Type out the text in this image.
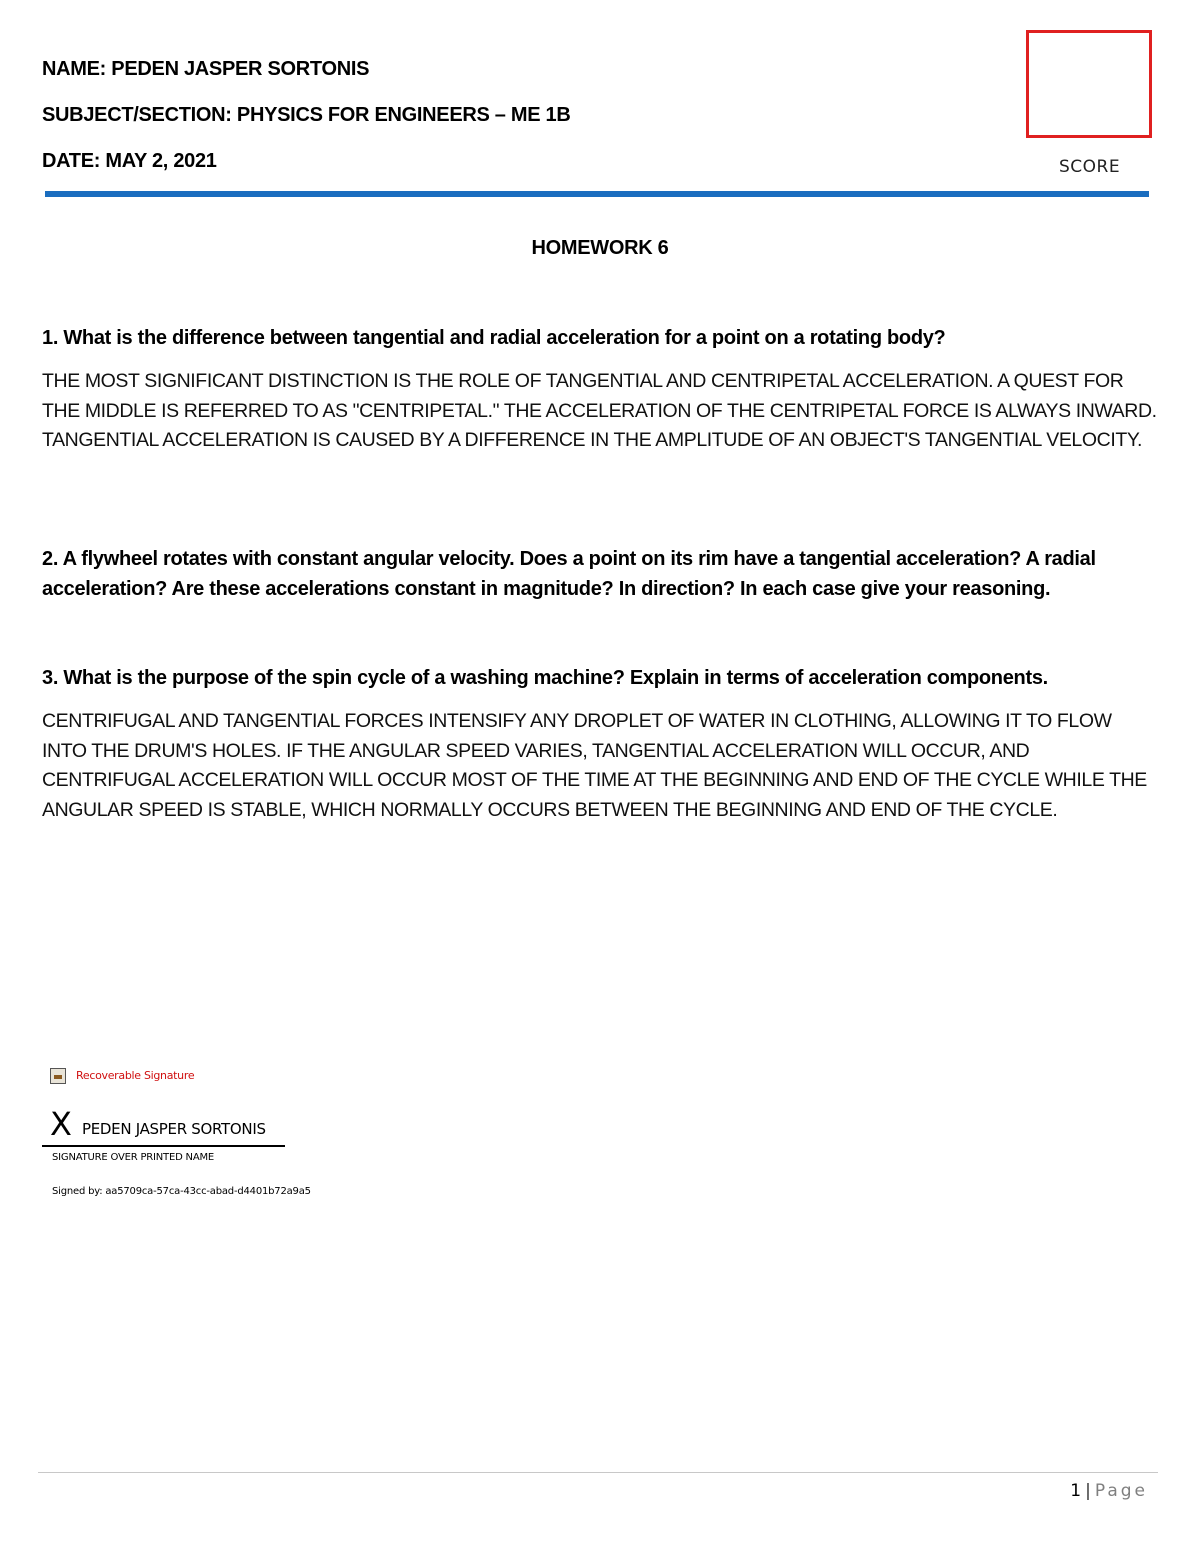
NAME: PEDEN JASPER SORTONIS
SUBJECT/SECTION: PHYSICS FOR ENGINEERS – ME 1B
DATE: MAY 2, 2021	SCORE
HOMEWORK 6
1. What is the difference between tangential and radial acceleration for a point on a rotating body?
THE MOST SIGNIFICANT DISTINCTION IS THE ROLE OF TANGENTIAL AND CENTRIPETAL ACCELERATION. A QUEST FOR THE MIDDLE IS REFERRED TO AS "CENTRIPETAL." THE ACCELERATION OF THE CENTRIPETAL FORCE IS ALWAYS INWARD. TANGENTIAL ACCELERATION IS CAUSED BY A DIFFERENCE IN THE AMPLITUDE OF AN OBJECT'S TANGENTIAL VELOCITY.
2. A flywheel rotates with constant angular velocity. Does a point on its rim have a tangential acceleration? A radial acceleration? Are these accelerations constant in magnitude? In direction? In each case give your reasoning.
3. What is the purpose of the spin cycle of a washing machine? Explain in terms of acceleration components.
CENTRIFUGAL AND TANGENTIAL FORCES INTENSIFY ANY DROPLET OF WATER IN CLOTHING, ALLOWING IT TO FLOW INTO THE DRUM'S HOLES. IF THE ANGULAR SPEED VARIES, TANGENTIAL ACCELERATION WILL OCCUR, AND CENTRIFUGAL ACCELERATION WILL OCCUR MOST OF THE TIME AT THE BEGINNING AND END OF THE CYCLE WHILE THE ANGULAR SPEED IS STABLE, WHICH NORMALLY OCCURS BETWEEN THE BEGINNING AND END OF THE CYCLE.
Recoverable Signature
X PEDEN JASPER SORTONIS
SIGNATURE OVER PRINTED NAME
Signed by: aa5709ca-57ca-43cc-abad-d4401b72a9a5
1 | Page
